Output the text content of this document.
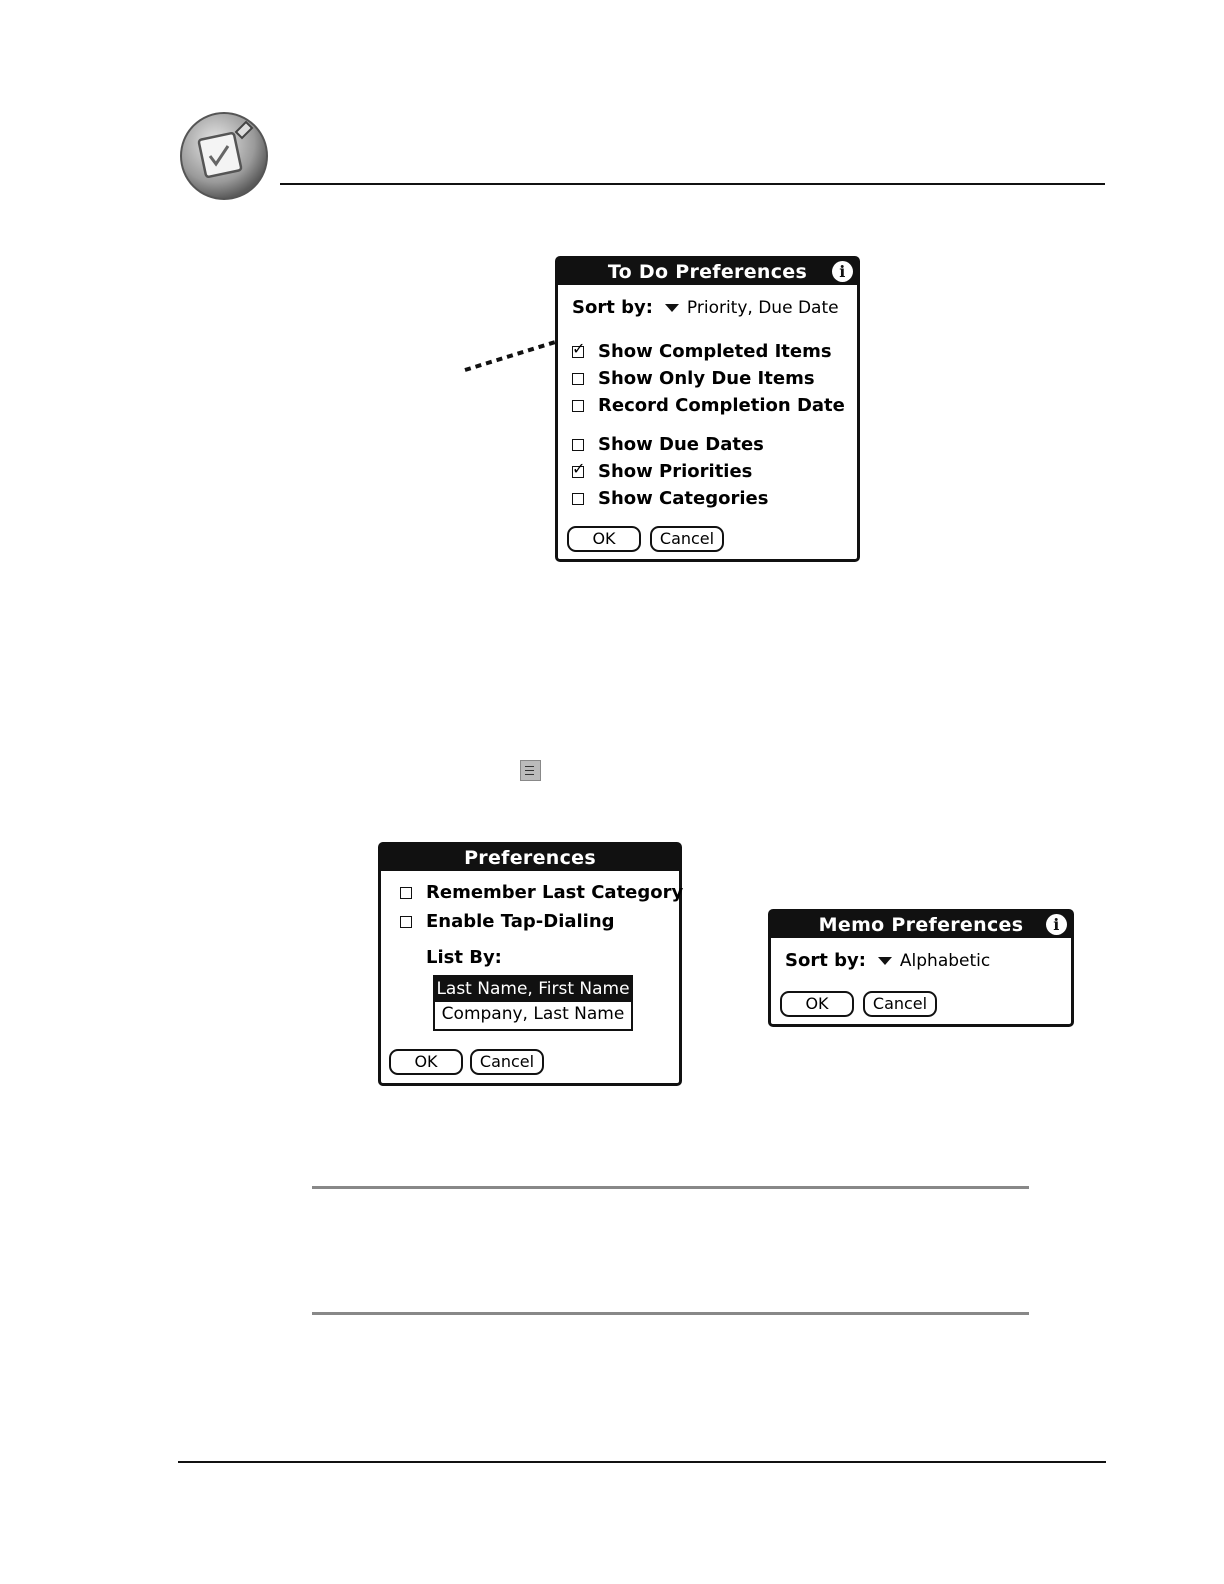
To Do Preferences	i
Sort by: Priority, Due Date
✓ Show Completed Items
Show Only Due Items
Record Completion Date
Show Due Dates
✓ Show Priorities
Show Categories
OK	Cancel
Preferences
Remember Last Category
Enable Tap-Dialing
List By:
Last Name, First Name
Company, Last Name
OK	Cancel
Memo Preferences	i
Sort by: Alphabetic
OK	Cancel
